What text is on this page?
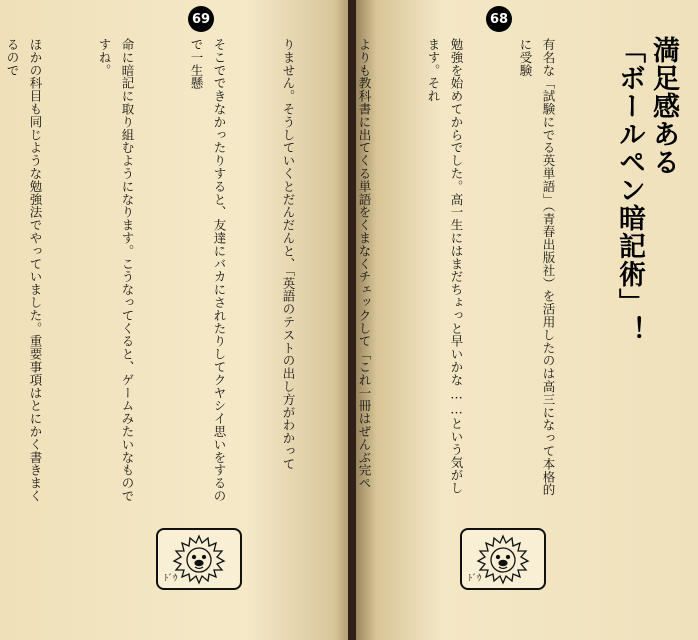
69

りません。そうしていくとだんだんと、「英語のテストの出し方がわかって

そこでできなかったりすると、友達にバカにされたりしてクヤシイ思いをするので一生懸

命に暗記に取り組むようになります。こうなってくると、ゲームみたいなものですね。

ほかの科目も同じような勉強法でやっていました。重要事項はとにかく書きまくるので

ﾄﾞｳ
68
満足感ある
「ボールペン暗記術」！

有名な「試験にでる英単語」（青春出版社）を活用したのは高三になって本格的に受験

勉強を始めてからでした。高一生にはまだちょっと早いかな……という気がします。それ

よりも教科書に出てくる単語をくまなくチェックして「これ一冊はぜんぶ完ぺ

ﾄﾞｳ
